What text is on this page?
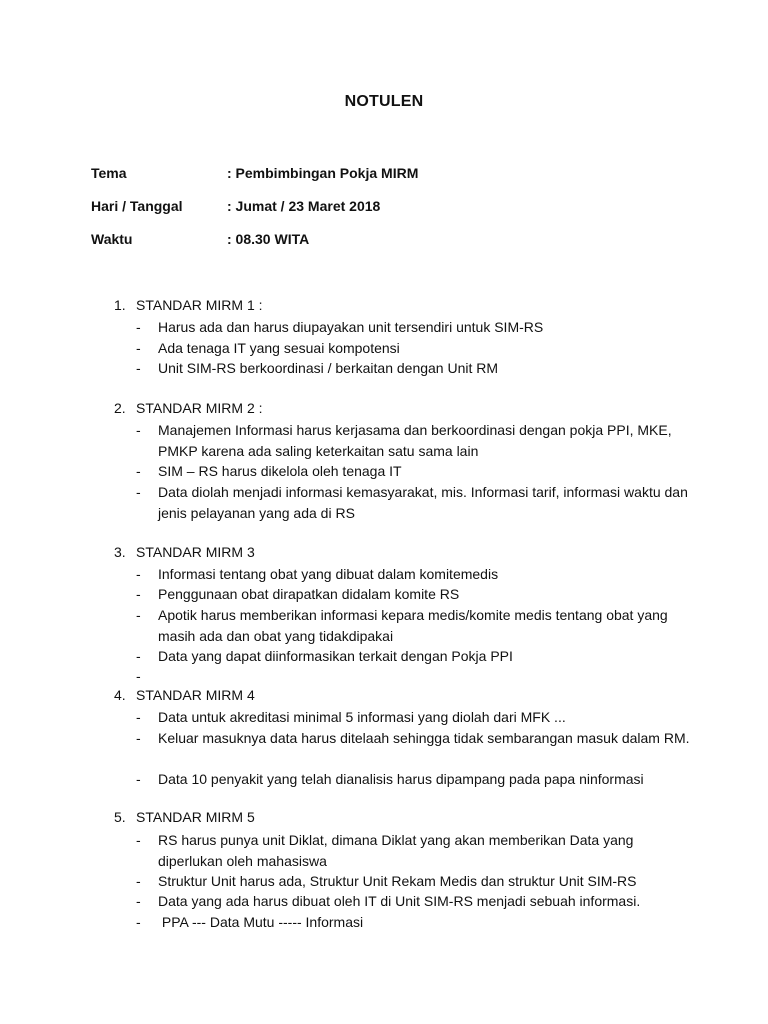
NOTULEN
Tema	: Pembimbingan Pokja MIRM
Hari / Tanggal	: Jumat / 23 Maret 2018
Waktu	: 08.30 WITA
1. STANDAR MIRM 1 :
- Harus ada dan harus diupayakan unit tersendiri untuk SIM-RS
- Ada tenaga IT yang sesuai kompotensi
- Unit SIM-RS berkoordinasi / berkaitan dengan Unit RM
2. STANDAR MIRM 2 :
- Manajemen Informasi harus kerjasama dan berkoordinasi dengan pokja PPI, MKE, PMKP karena ada saling keterkaitan satu sama lain
- SIM – RS harus dikelola oleh tenaga IT
- Data diolah menjadi informasi kemasyarakat, mis. Informasi tarif, informasi waktu dan jenis pelayanan yang ada di RS
3. STANDAR MIRM 3
- Informasi tentang obat yang dibuat dalam komitemedis
- Penggunaan obat dirapatkan didalam komite RS
- Apotik harus memberikan informasi kepara medis/komite medis tentang obat yang masih ada dan obat yang tidakdipakai
- Data yang dapat diinformasikan terkait dengan Pokja PPI
-
4. STANDAR MIRM 4
- Data untuk akreditasi minimal 5 informasi yang diolah dari MFK ...
- Keluar masuknya data harus ditelaah sehingga tidak sembarangan masuk dalam RM.
- Data 10 penyakit yang telah dianalisis harus dipampang pada papa ninformasi
5. STANDAR MIRM 5
- RS harus punya unit Diklat, dimana Diklat yang akan memberikan Data yang diperlukan oleh mahasiswa
- Struktur Unit harus ada, Struktur Unit Rekam Medis dan struktur Unit SIM-RS
- Data yang ada harus dibuat oleh IT di Unit SIM-RS menjadi sebuah informasi.
- PPA --- Data Mutu ----- Informasi
